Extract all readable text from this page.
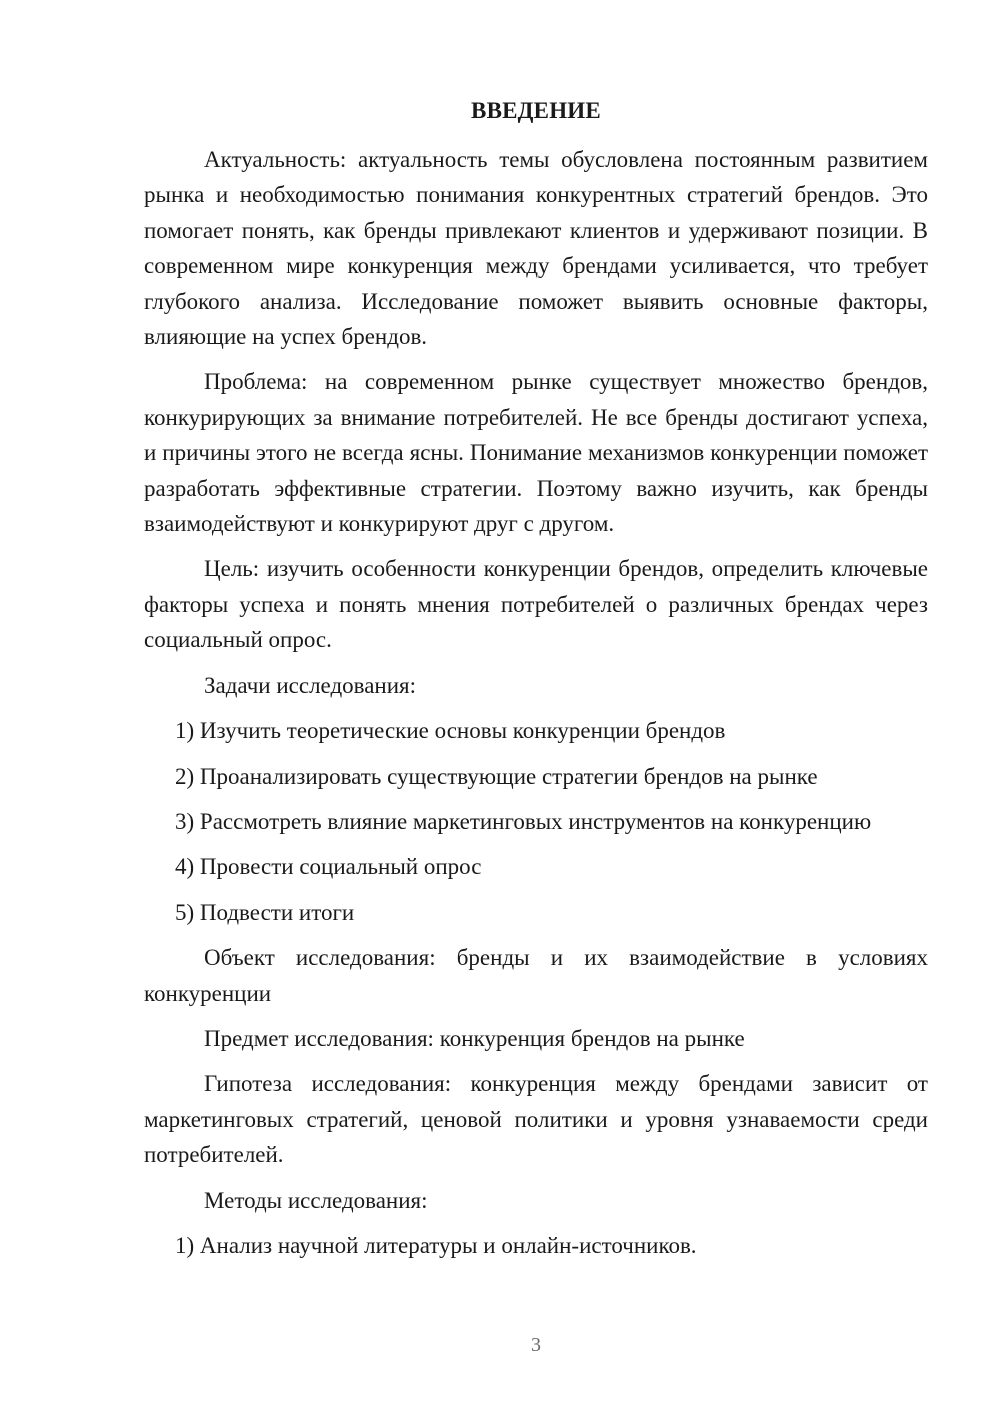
ВВЕДЕНИЕ

Актуальность: актуальность темы обусловлена постоянным развитием рынка и необходимостью понимания конкурентных стратегий брендов. Это помогает понять, как бренды привлекают клиентов и удерживают позиции. В современном мире конкуренция между брендами усиливается, что требует глубокого анализа. Исследование поможет выявить основные факторы, влияющие на успех брендов.

Проблема: на современном рынке существует множество брендов, конкурирующих за внимание потребителей. Не все бренды достигают успеха, и причины этого не всегда ясны. Понимание механизмов конкуренции поможет разработать эффективные стратегии. Поэтому важно изучить, как бренды взаимодействуют и конкурируют друг с другом.

Цель: изучить особенности конкуренции брендов, определить ключевые факторы успеха и понять мнения потребителей о различных брендах через социальный опрос.

Задачи исследования:

1) Изучить теоретические основы конкуренции брендов

2) Проанализировать существующие стратегии брендов на рынке

3) Рассмотреть влияние маркетинговых инструментов на конкуренцию

4) Провести социальный опрос

5) Подвести итоги

Объект исследования: бренды и их взаимодействие в условиях конкуренции

Предмет исследования: конкуренция брендов на рынке

Гипотеза исследования: конкуренция между брендами зависит от маркетинговых стратегий, ценовой политики и уровня узнаваемости среди потребителей.

Методы исследования:

1) Анализ научной литературы и онлайн-источников.

3
